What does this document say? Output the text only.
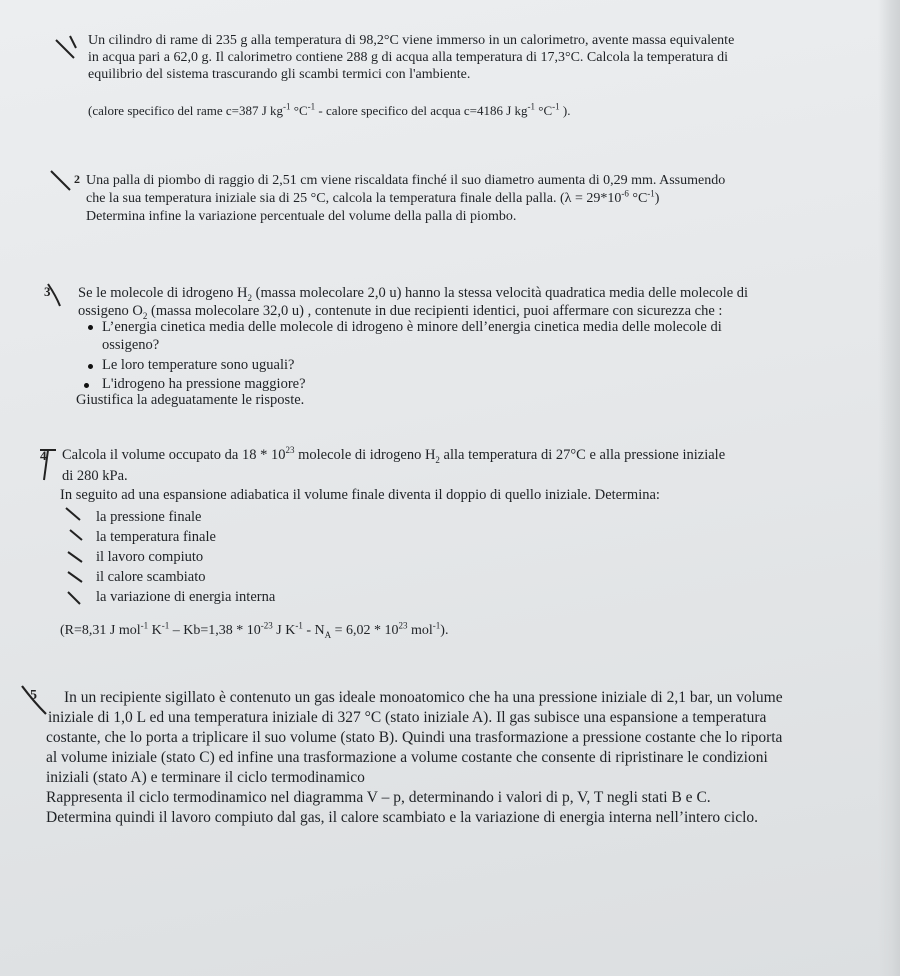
Un cilindro di rame di 235 g alla temperatura di 98,2°C viene immerso in un calorimetro, avente massa equivalente
in acqua pari a 62,0 g. Il calorimetro contiene 288 g di acqua alla temperatura di 17,3°C. Calcola la temperatura di
equilibrio del sistema trascurando gli scambi termici con l'ambiente.
(calore specifico del rame c=387 J $kg^{-1}$ $^\circ C^{-1}$ - calore specifico del acqua c=4186 J $kg^{-1}$ $^\circ C^{-1}$ ).
2 Una palla di piombo di raggio di 2,51 cm viene riscaldata finché il suo diametro aumenta di 0,29 mm. Assumendo
che la sua temperatura iniziale sia di 25 °C, calcola la temperatura finale della palla. ($\lambda = 29*10^{-6}$ $^\circ C^{-1}$)
Determina infine la variazione percentuale del volume della palla di piombo.
3 Se le molecole di idrogeno $H_2$ (massa molecolare 2,0 u) hanno la stessa velocità quadratica media delle molecole di
ossigeno $O_2$ (massa molecolare 32,0 u) , contenute in due recipienti identici, puoi affermare con sicurezza che :
L’energia cinetica media delle molecole di idrogeno è minore dell’energia cinetica media delle molecole di
ossigeno?
Le loro temperature sono uguali?
L'idrogeno ha pressione maggiore?
Giustifica la adeguatamente le risposte.
4 Calcola il volume occupato da $18 * 10^{23}$ molecole di idrogeno $H_2$ alla temperatura di 27°C e alla pressione iniziale
di 280 kPa.
In seguito ad una espansione adiabatica il volume finale diventa il doppio di quello iniziale. Determina:
la pressione finale
la temperatura finale
il lavoro compiuto
il calore scambiato
la variazione di energia interna
(R=8,31 J mol$^{-1}$ $K^{-1} - Kb=1,38 * 10^{-23}$ J $K^{-1} - N_A = 6,02 * 10^{23}$ mol$^{-1}$).
5	In un recipiente sigillato è contenuto un gas ideale monoatomico che ha una pressione iniziale di 2,1 bar, un volume
iniziale di 1,0 L ed una temperatura iniziale di 327 °C (stato iniziale A). Il gas subisce una espansione a temperatura
costante, che lo porta a triplicare il suo volume (stato B). Quindi una trasformazione a pressione costante che lo riporta
al volume iniziale (stato C) ed infine una trasformazione a volume costante che consente di ripristinare le condizioni
iniziali (stato A) e terminare il ciclo termodinamico
Rappresenta il ciclo termodinamico nel diagramma V – p, determinando i valori di p, V, T negli stati B e C.
Determina quindi il lavoro compiuto dal gas, il calore scambiato e la variazione di energia interna nell’intero ciclo.
